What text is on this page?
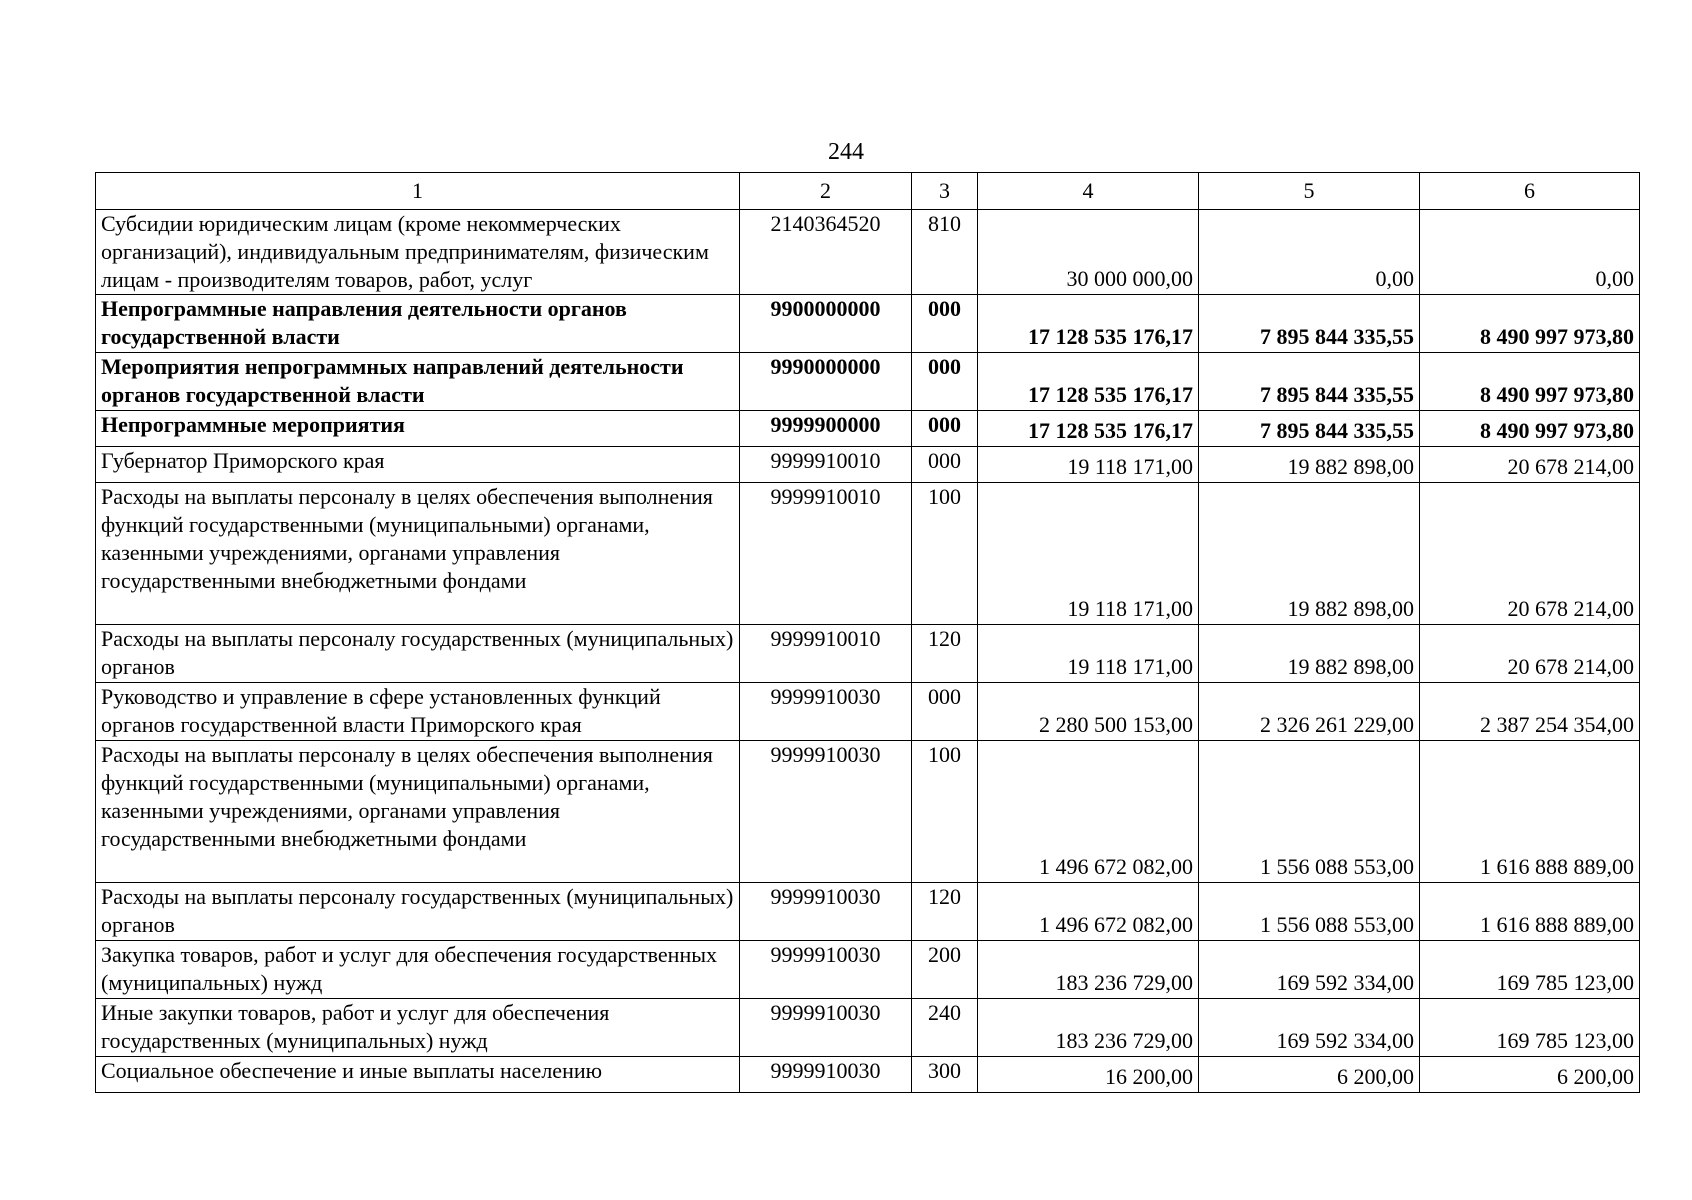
244
1	2	3	4	5	6
Субсидии юридическим лицам (кроме некоммерческих организаций), индивидуальным предпринимателям, физическим лицам - производителям товаров, работ, услуг	2140364520	810	30 000 000,00	0,00	0,00
Непрограммные направления деятельности органов государственной власти	9900000000	000	17 128 535 176,17	7 895 844 335,55	8 490 997 973,80
Мероприятия непрограммных направлений деятельности органов государственной власти	9990000000	000	17 128 535 176,17	7 895 844 335,55	8 490 997 973,80
Непрограммные мероприятия	9999900000	000	17 128 535 176,17	7 895 844 335,55	8 490 997 973,80
Губернатор Приморского края	9999910010	000	19 118 171,00	19 882 898,00	20 678 214,00
Расходы на выплаты персоналу в целях обеспечения выполнения функций государственными (муниципальными) органами, казенными учреждениями, органами управления государственными внебюджетными фондами	9999910010	100	19 118 171,00	19 882 898,00	20 678 214,00
Расходы на выплаты персоналу государственных (муниципальных) органов	9999910010	120	19 118 171,00	19 882 898,00	20 678 214,00
Руководство и управление в сфере установленных функций органов государственной власти Приморского края	9999910030	000	2 280 500 153,00	2 326 261 229,00	2 387 254 354,00
Расходы на выплаты персоналу в целях обеспечения выполнения функций государственными (муниципальными) органами, казенными учреждениями, органами управления государственными внебюджетными фондами	9999910030	100	1 496 672 082,00	1 556 088 553,00	1 616 888 889,00
Расходы на выплаты персоналу государственных (муниципальных) органов	9999910030	120	1 496 672 082,00	1 556 088 553,00	1 616 888 889,00
Закупка товаров, работ и услуг для обеспечения государственных (муниципальных) нужд	9999910030	200	183 236 729,00	169 592 334,00	169 785 123,00
Иные закупки товаров, работ и услуг для обеспечения государственных (муниципальных) нужд	9999910030	240	183 236 729,00	169 592 334,00	169 785 123,00
Социальное обеспечение и иные выплаты населению	9999910030	300	16 200,00	6 200,00	6 200,00
